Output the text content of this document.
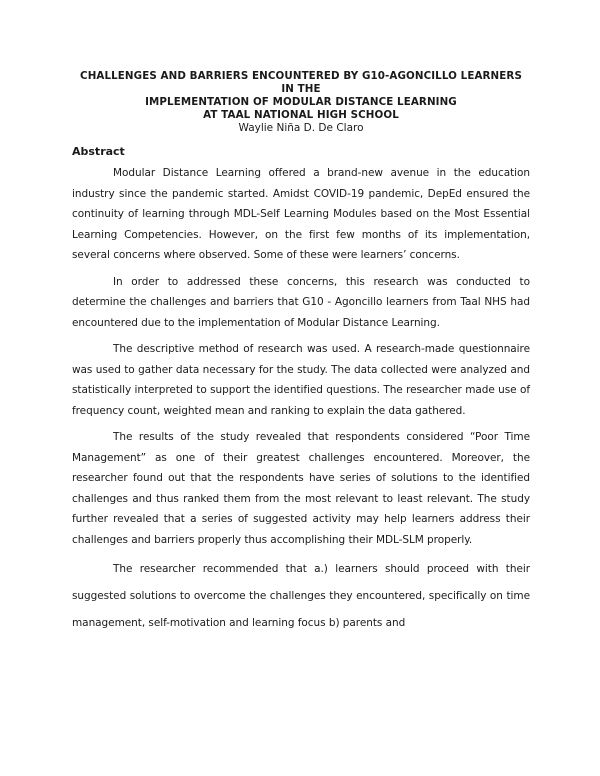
CHALLENGES AND BARRIERS ENCOUNTERED BY G10-AGONCILLO LEARNERS IN THE

IMPLEMENTATION OF MODULAR DISTANCE LEARNING

AT TAAL NATIONAL HIGH SCHOOL

Waylie Niña D. De Claro

Abstract

Modular Distance Learning offered a brand-new avenue in the education industry since the pandemic started. Amidst COVID-19 pandemic, DepEd ensured the continuity of learning through MDL-Self Learning Modules based on the Most Essential Learning Competencies. However, on the first few months of its implementation, several concerns where observed. Some of these were learners’ concerns.

In order to addressed these concerns, this research was conducted to determine the challenges and barriers that G10 - Agoncillo learners from Taal NHS had encountered due to the implementation of Modular Distance Learning.

The descriptive method of research was used. A research-made questionnaire was used to gather data necessary for the study. The data collected were analyzed and statistically interpreted to support the identified questions. The researcher made use of frequency count, weighted mean and ranking to explain the data gathered.

The results of the study revealed that respondents considered “Poor Time Management” as one of their greatest challenges encountered. Moreover, the researcher found out that the respondents have series of solutions to the identified challenges and thus ranked them from the most relevant to least relevant. The study further revealed that a series of suggested activity may help learners address their challenges and barriers properly thus accomplishing their MDL-SLM properly.

The researcher recommended that a.) learners should proceed with their suggested solutions to overcome the challenges they encountered, specifically on time management, self-motivation and learning focus b) parents and
